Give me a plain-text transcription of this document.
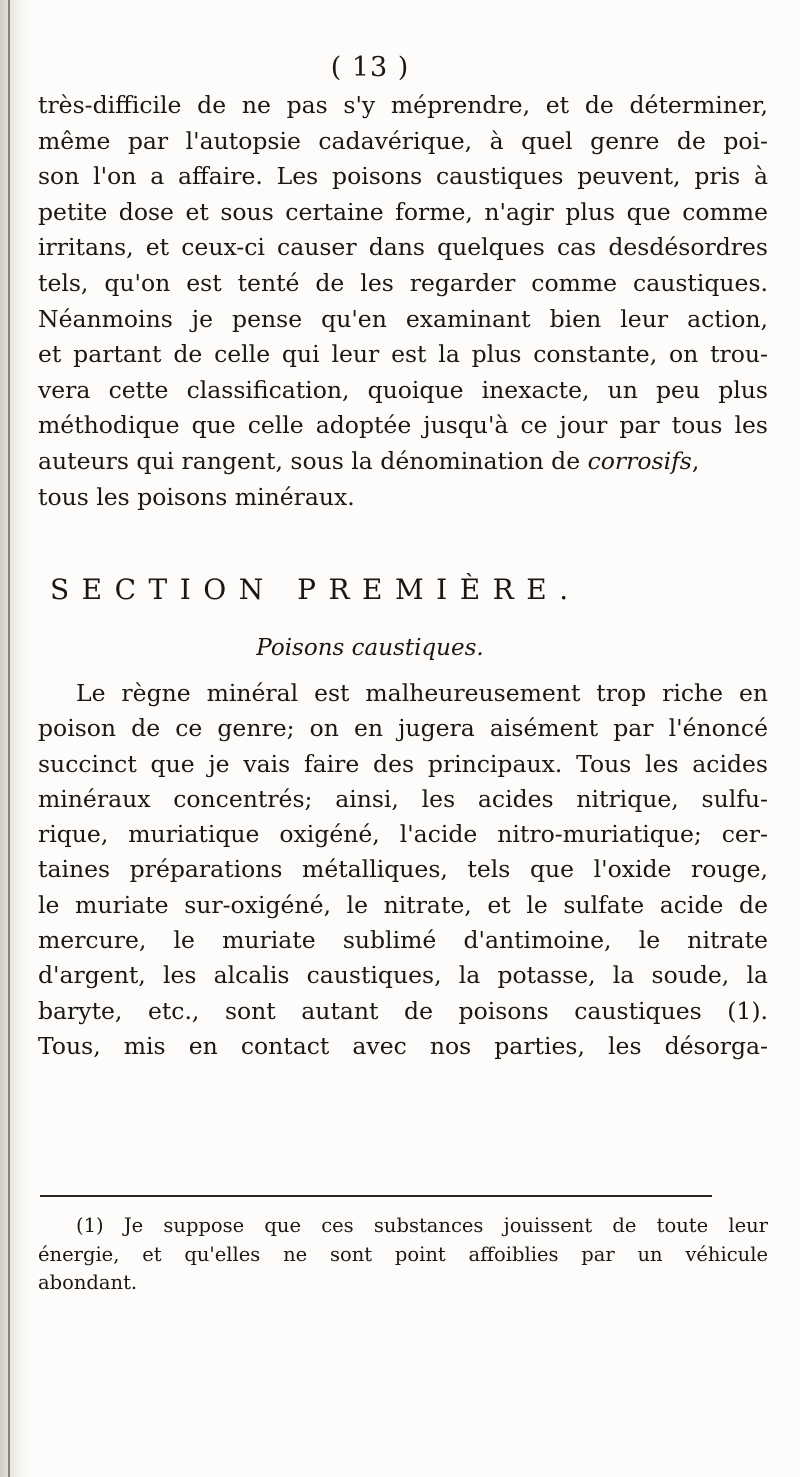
( 13 )
très-difficile de ne pas s'y méprendre, et de déterminer,
même par l'autopsie cadavérique, à quel genre de poi-
son l'on a affaire. Les poisons caustiques peuvent, pris à
petite dose et sous certaine forme, n'agir plus que comme
irritans, et ceux-ci causer dans quelques cas desdésordres
tels, qu'on est tenté de les regarder comme caustiques.
Néanmoins je pense qu'en examinant bien leur action,
et partant de celle qui leur est la plus constante, on trou-
vera cette classification, quoique inexacte, un peu plus
méthodique que celle adoptée jusqu'à ce jour par tous les
auteurs qui rangent, sous la dénomination de corrosifs,
tous les poisons minéraux.
SECTION PREMIÈRE.
Poisons caustiques.
Le règne minéral est malheureusement trop riche en
poison de ce genre; on en jugera aisément par l'énoncé
succinct que je vais faire des principaux. Tous les acides
minéraux concentrés; ainsi, les acides nitrique, sulfu-
rique, muriatique oxigéné, l'acide nitro-muriatique; cer-
taines préparations métalliques, tels que l'oxide rouge,
le muriate sur-oxigéné, le nitrate, et le sulfate acide de
mercure, le muriate sublimé d'antimoine, le nitrate
d'argent, les alcalis caustiques, la potasse, la soude, la
baryte, etc., sont autant de poisons caustiques (1).
Tous, mis en contact avec nos parties, les désorga-
(1) Je suppose que ces substances jouissent de toute leur
énergie, et qu'elles ne sont point affoiblies par un véhicule
abondant.
